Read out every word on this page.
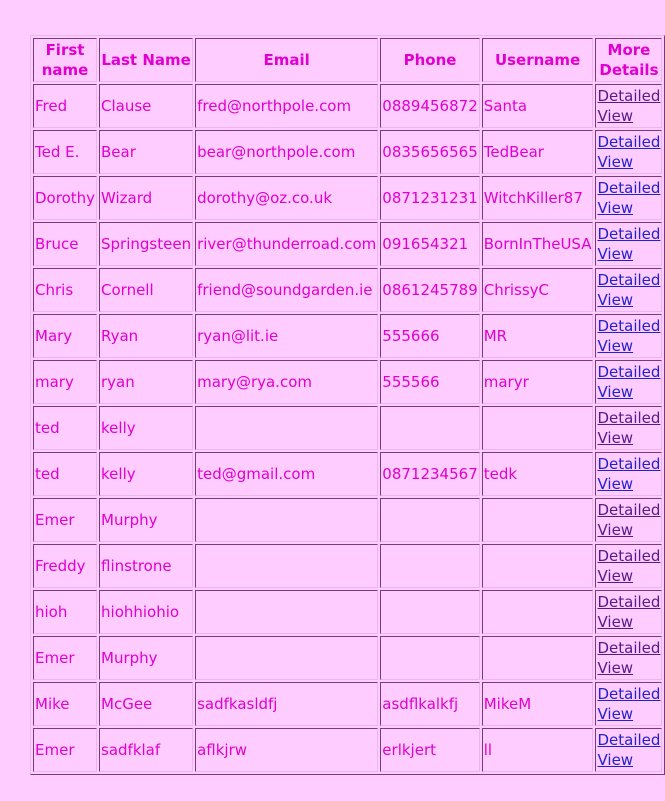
First name	Last Name	Email	Phone	Username	More Details
Fred	Clause	fred@northpole.com	0889456872	Santa	Detailed View
Ted E.	Bear	bear@northpole.com	0835656565	TedBear	Detailed View
Dorothy	Wizard	dorothy@oz.co.uk	0871231231	WitchKiller87	Detailed View
Bruce	Springsteen	river@thunderroad.com	091654321	BornInTheUSA	Detailed View
Chris	Cornell	friend@soundgarden.ie	0861245789	ChrissyC	Detailed View
Mary	Ryan	ryan@lit.ie	555666	MR	Detailed View
mary	ryan	mary@rya.com	555566	maryr	Detailed View
ted	kelly				Detailed View
ted	kelly	ted@gmail.com	0871234567	tedk	Detailed View
Emer	Murphy				Detailed View
Freddy	flinstrone				Detailed View
hioh	hiohhiohio				Detailed View
Emer	Murphy				Detailed View
Mike	McGee	sadfkasldfj	asdflkalkfj	MikeM	Detailed View
Emer	sadfklaf	aflkjrw	erlkjert	ll	Detailed View
